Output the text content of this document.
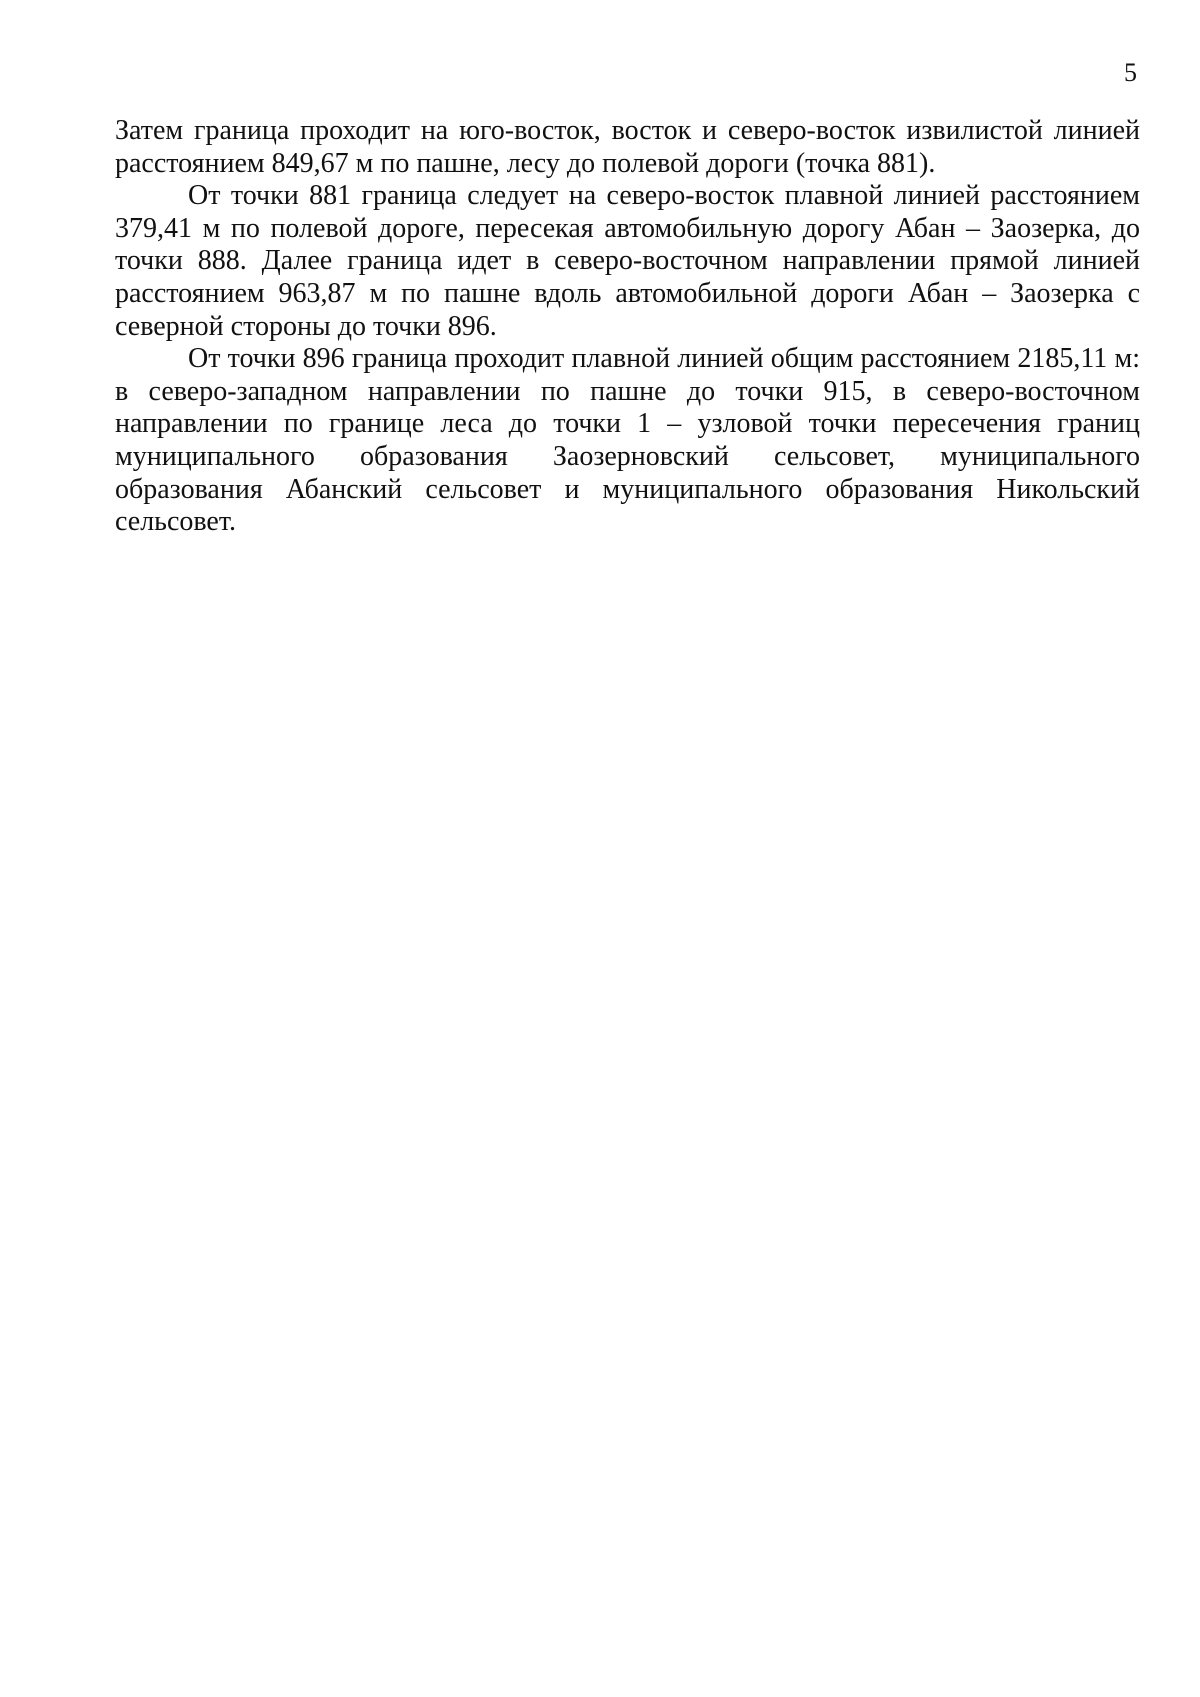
5

Затем граница проходит на юго-восток, восток и северо-восток извилистой линией расстоянием 849,67 м по пашне, лесу до полевой дороги (точка 881).

От точки 881 граница следует на северо-восток плавной линией расстоянием 379,41 м по полевой дороге, пересекая автомобильную дорогу Абан – Заозерка, до точки 888. Далее граница идет в северо-восточном направлении прямой линией расстоянием 963,87 м по пашне вдоль автомобильной дороги Абан – Заозерка с северной стороны до точки 896.

От точки 896 граница проходит плавной линией общим расстоянием 2185,11 м: в северо-западном направлении по пашне до точки 915, в северо-восточном направлении по границе леса до точки 1 – узловой точки пересечения границ муниципального образования Заозерновский сельсовет, муниципального образования Абанский сельсовет и муниципального образования Никольский сельсовет.
